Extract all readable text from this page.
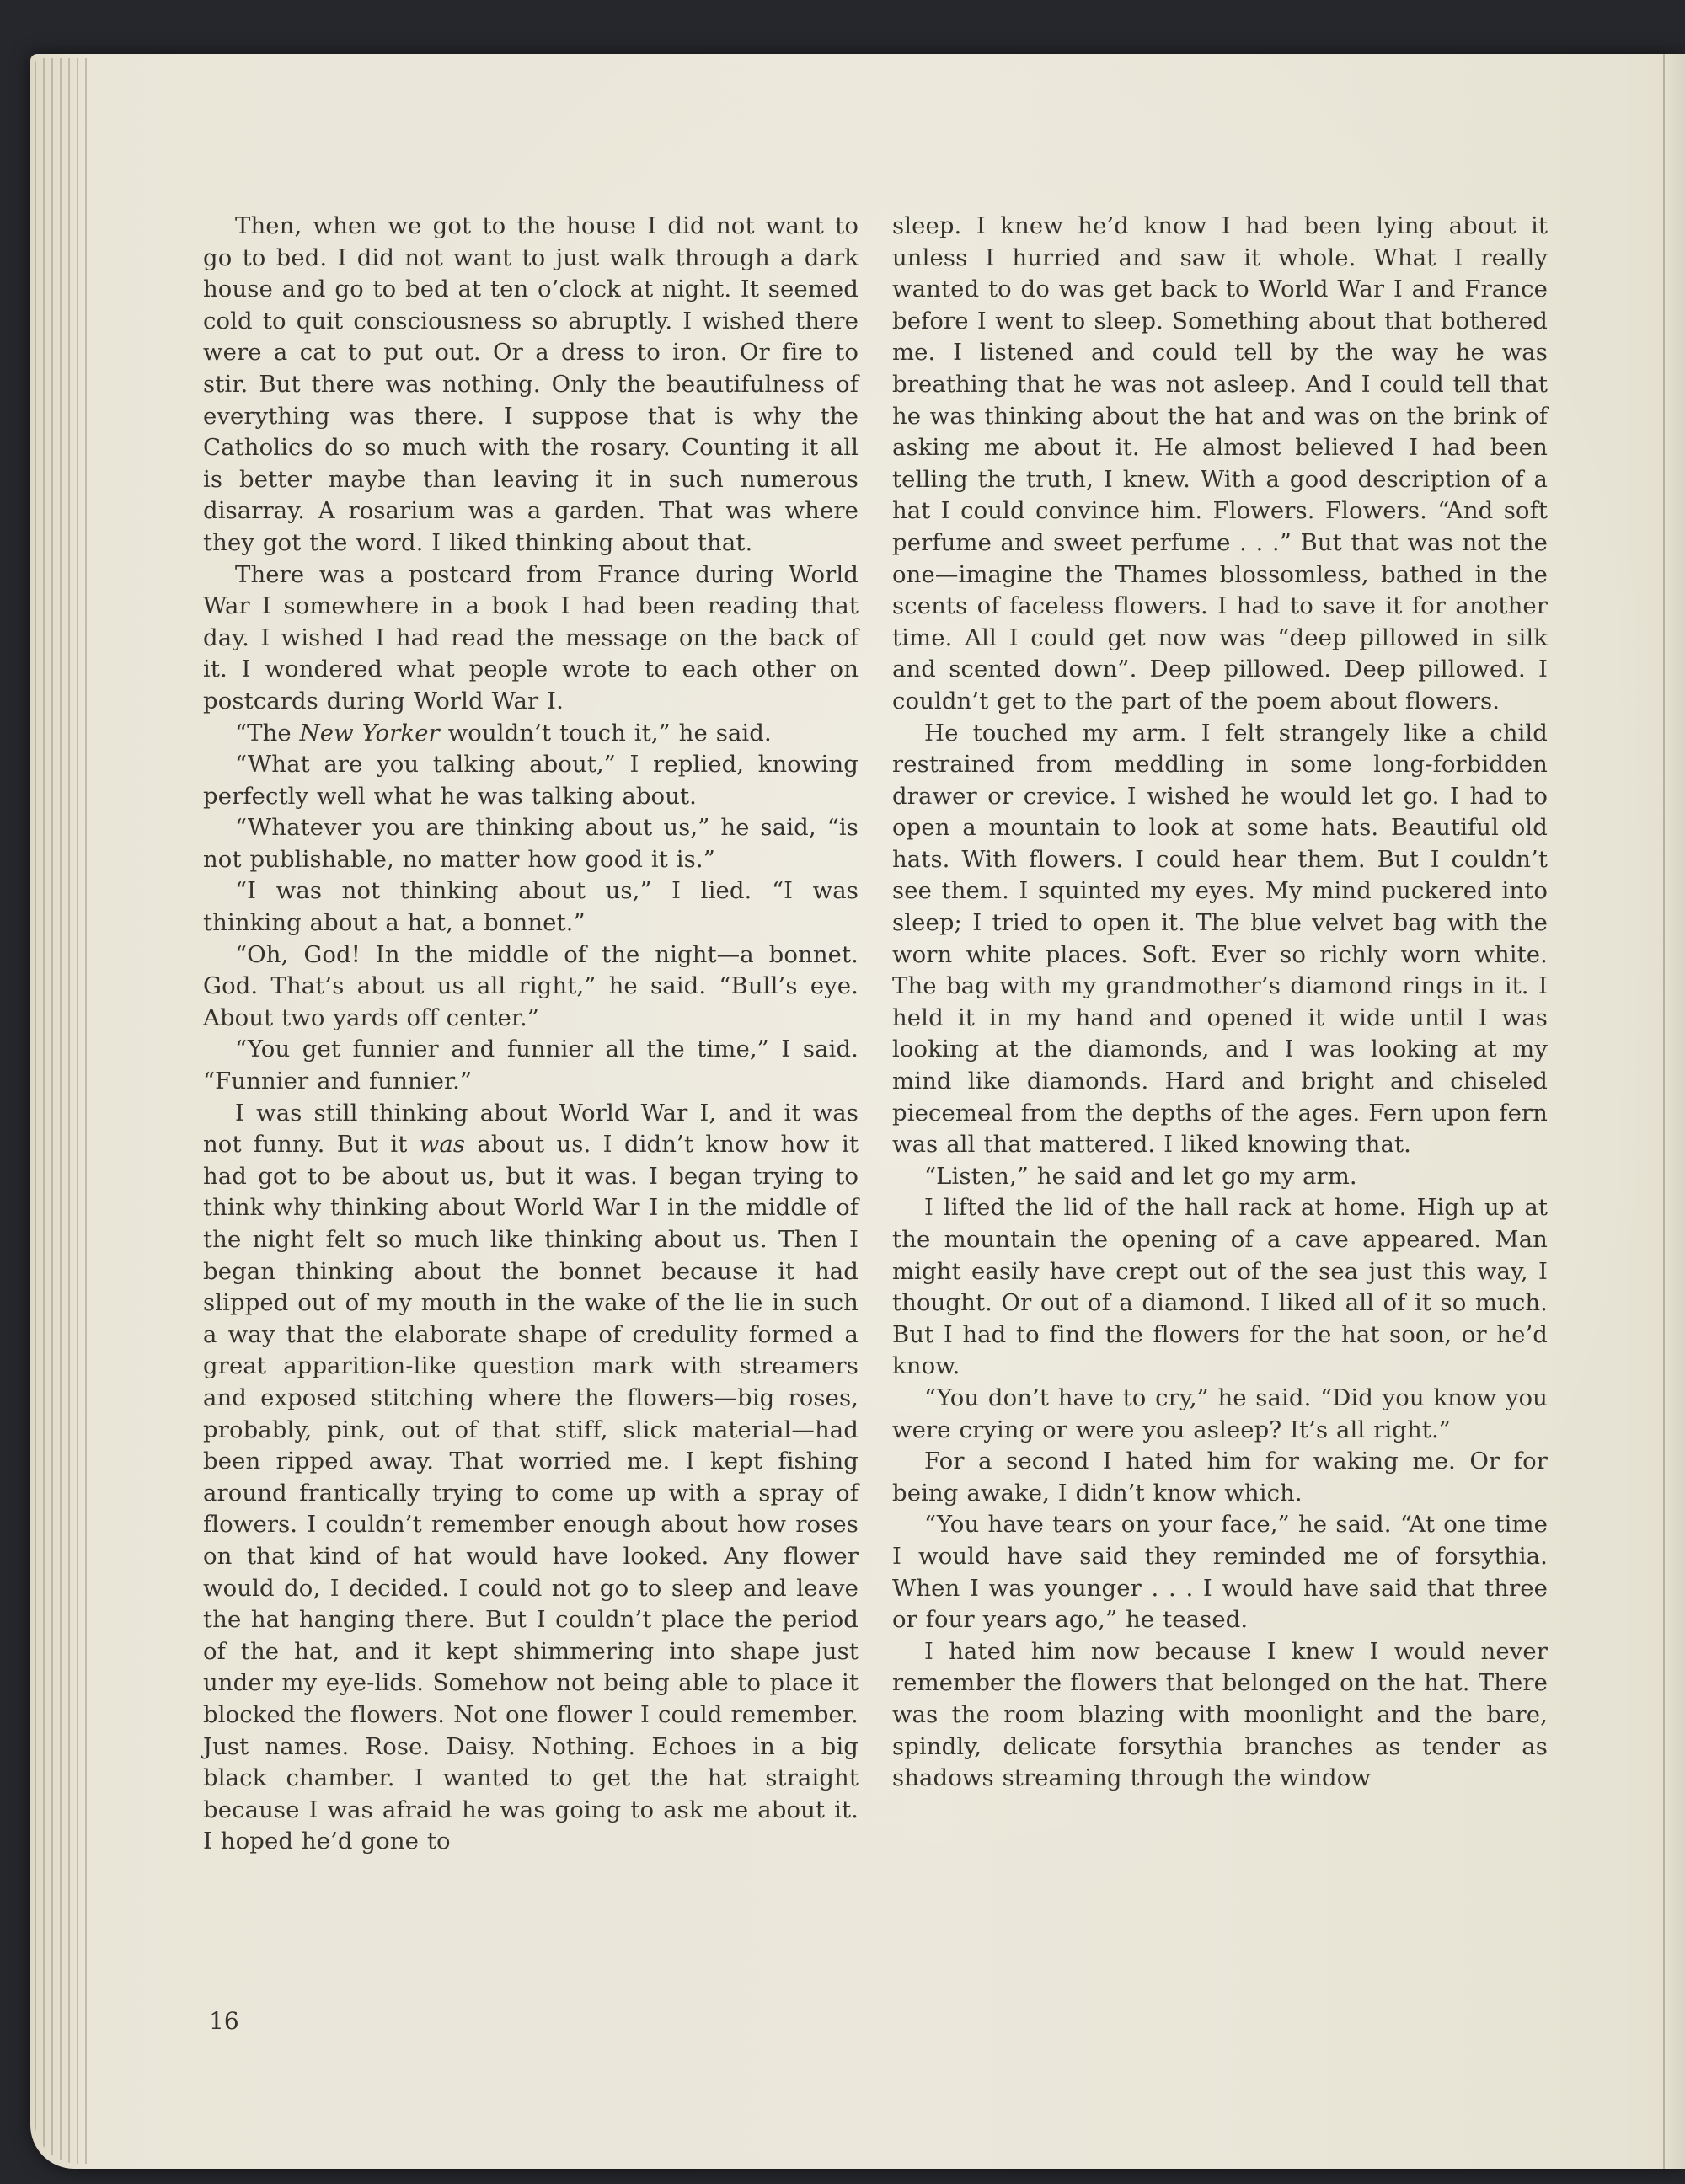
Then, when we got to the house I did not want to go to bed. I did not want to just walk through a dark house and go to bed at ten o’clock at night. It seemed cold to quit consciousness so abruptly. I wished there were a cat to put out. Or a dress to iron. Or fire to stir. But there was nothing. Only the beautifulness of everything was there. I suppose that is why the Catholics do so much with the rosary. Counting it all is better maybe than leaving it in such numerous disarray. A rosarium was a garden. That was where they got the word. I liked thinking about that.

There was a postcard from France during World War I somewhere in a book I had been reading that day. I wished I had read the message on the back of it. I wondered what people wrote to each other on postcards during World War I.

“The New Yorker wouldn’t touch it,” he said.

“What are you talking about,” I replied, knowing perfectly well what he was talking about.

“Whatever you are thinking about us,” he said, “is not publishable, no matter how good it is.”

“I was not thinking about us,” I lied. “I was thinking about a hat, a bonnet.”

“Oh, God! In the middle of the night—a bonnet. God. That’s about us all right,” he said. “Bull’s eye. About two yards off center.”

“You get funnier and funnier all the time,” I said. “Funnier and funnier.”

I was still thinking about World War I, and it was not funny. But it was about us. I didn’t know how it had got to be about us, but it was. I began trying to think why thinking about World War I in the middle of the night felt so much like thinking about us. Then I began thinking about the bonnet because it had slipped out of my mouth in the wake of the lie in such a way that the elaborate shape of credulity formed a great apparition-like question mark with streamers and exposed stitching where the flowers—big roses, probably, pink, out of that stiff, slick material—had been ripped away. That worried me. I kept fishing around frantically trying to come up with a spray of flowers. I couldn’t remember enough about how roses on that kind of hat would have looked. Any flower would do, I decided. I could not go to sleep and leave the hat hanging there. But I couldn’t place the period of the hat, and it kept shimmering into shape just under my eye-lids. Somehow not being able to place it blocked the flowers. Not one flower I could remember. Just names. Rose. Daisy. Nothing. Echoes in a big black chamber. I wanted to get the hat straight because I was afraid he was going to ask me about it. I hoped he’d gone to

sleep. I knew he’d know I had been lying about it unless I hurried and saw it whole. What I really wanted to do was get back to World War I and France before I went to sleep. Something about that bothered me. I listened and could tell by the way he was breathing that he was not asleep. And I could tell that he was thinking about the hat and was on the brink of asking me about it. He almost believed I had been telling the truth, I knew. With a good description of a hat I could convince him. Flowers. Flowers. “And soft perfume and sweet perfume . . .” But that was not the one—imagine the Thames blossomless, bathed in the scents of faceless flowers. I had to save it for another time. All I could get now was “deep pillowed in silk and scented down”. Deep pillowed. Deep pillowed. I couldn’t get to the part of the poem about flowers.

He touched my arm. I felt strangely like a child restrained from meddling in some long-forbidden drawer or crevice. I wished he would let go. I had to open a mountain to look at some hats. Beautiful old hats. With flowers. I could hear them. But I couldn’t see them. I squinted my eyes. My mind puckered into sleep; I tried to open it. The blue velvet bag with the worn white places. Soft. Ever so richly worn white. The bag with my grandmother’s diamond rings in it. I held it in my hand and opened it wide until I was looking at the diamonds, and I was looking at my mind like diamonds. Hard and bright and chiseled piecemeal from the depths of the ages. Fern upon fern was all that mattered. I liked knowing that.

“Listen,” he said and let go my arm.

I lifted the lid of the hall rack at home. High up at the mountain the opening of a cave appeared. Man might easily have crept out of the sea just this way, I thought. Or out of a diamond. I liked all of it so much. But I had to find the flowers for the hat soon, or he’d know.

“You don’t have to cry,” he said. “Did you know you were crying or were you asleep? It’s all right.”

For a second I hated him for waking me. Or for being awake, I didn’t know which.

“You have tears on your face,” he said. “At one time I would have said they reminded me of forsythia. When I was younger . . . I would have said that three or four years ago,” he teased.

I hated him now because I knew I would never remember the flowers that belonged on the hat. There was the room blazing with moonlight and the bare, spindly, delicate forsythia branches as tender as shadows streaming through the window

16
